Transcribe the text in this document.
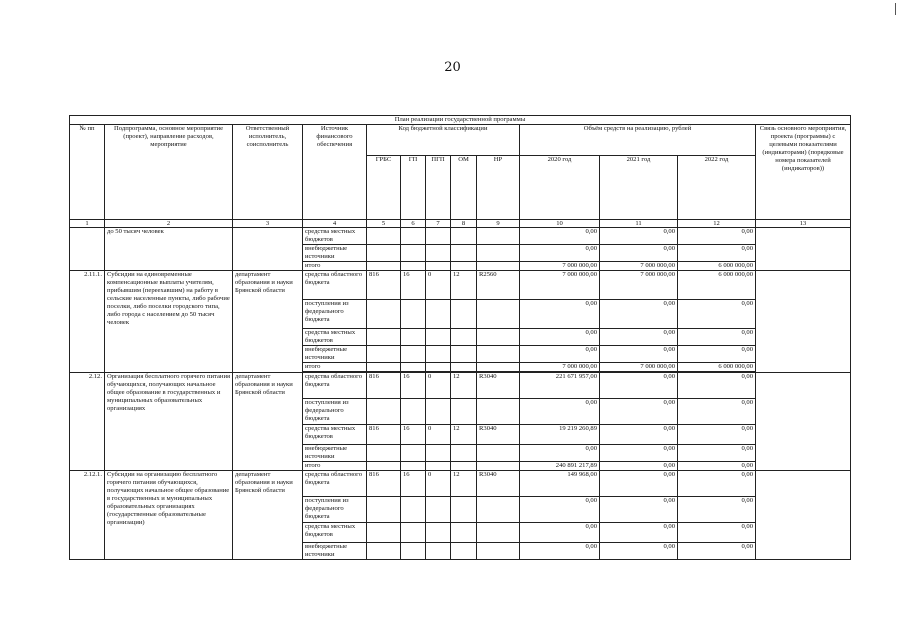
20
План реализации государственной программы												
№ пп	Подпрограмма, основное мероприятие (проект), направление расходов, мероприятие	Ответственный исполнитель, соисполнитель	Источник финансового обеспечения	Код бюджетной классификации					Объём средств на реализацию, рублей			Связь основного мероприятия, проекта (программы) с целевыми показателями (индикаторами) (порядковые номера показателей (индикаторов))
				ГРБС	ГП	ПГП	ОМ	НР	2020 год	2021 год	2022 год	
1	2	3	4	5	6	7	8	9	10	11	12	13
	до 50 тысяч человек		средства местных бюджетов						0,00	0,00	0,00	
			внебюджетные источники						0,00	0,00	0,00	
			итого						7 000 000,00	7 000 000,00	6 000 000,00	
2.11.1.	Субсидии на единовременные компенсационные выплаты учителям, прибывшим (переехавшим) на работу в сельские населенные пункты, либо рабочие поселки, либо поселки городского типа, либо города с населением до 50 тысяч человек	департамент образования и науки Брянской области	средства областного бюджета	816	16	0	12	R2560	7 000 000,00	7 000 000,00	6 000 000,00	
			поступления из федерального бюджета						0,00	0,00	0,00	
			средства местных бюджетов						0,00	0,00	0,00	
			внебюджетные источники						0,00	0,00	0,00	
			итого						7 000 000,00	7 000 000,00	6 000 000,00	

2.12.	Организация бесплатного горячего питания обучающихся, получающих начальное общее образование в государственных и муниципальных образовательных организациях	департамент образования и науки Брянской области	средства областного бюджета	816	16	0	12	R3040	221 671 957,00	0,00	0,00	
			поступления из федерального бюджета						0,00	0,00	0,00	
			средства местных бюджетов	816	16	0	12	R3040	19 219 260,89	0,00	0,00	
			внебюджетные источники						0,00	0,00	0,00	
			итого						240 891 217,89	0,00	0,00	
2.12.1.	Субсидии на организацию бесплатного горячего питания обучающихся, получающих начальное общее образование в государственных и муниципальных образовательных организациях (государственные образовательные организации)	департамент образования и науки Брянской области	средства областного бюджета	816	16	0	12	R3040	149 968,00	0,00	0,00	
			поступления из федерального бюджета						0,00	0,00	0,00	
			средства местных бюджетов						0,00	0,00	0,00	
			внебюджетные источники						0,00	0,00	0,00	
